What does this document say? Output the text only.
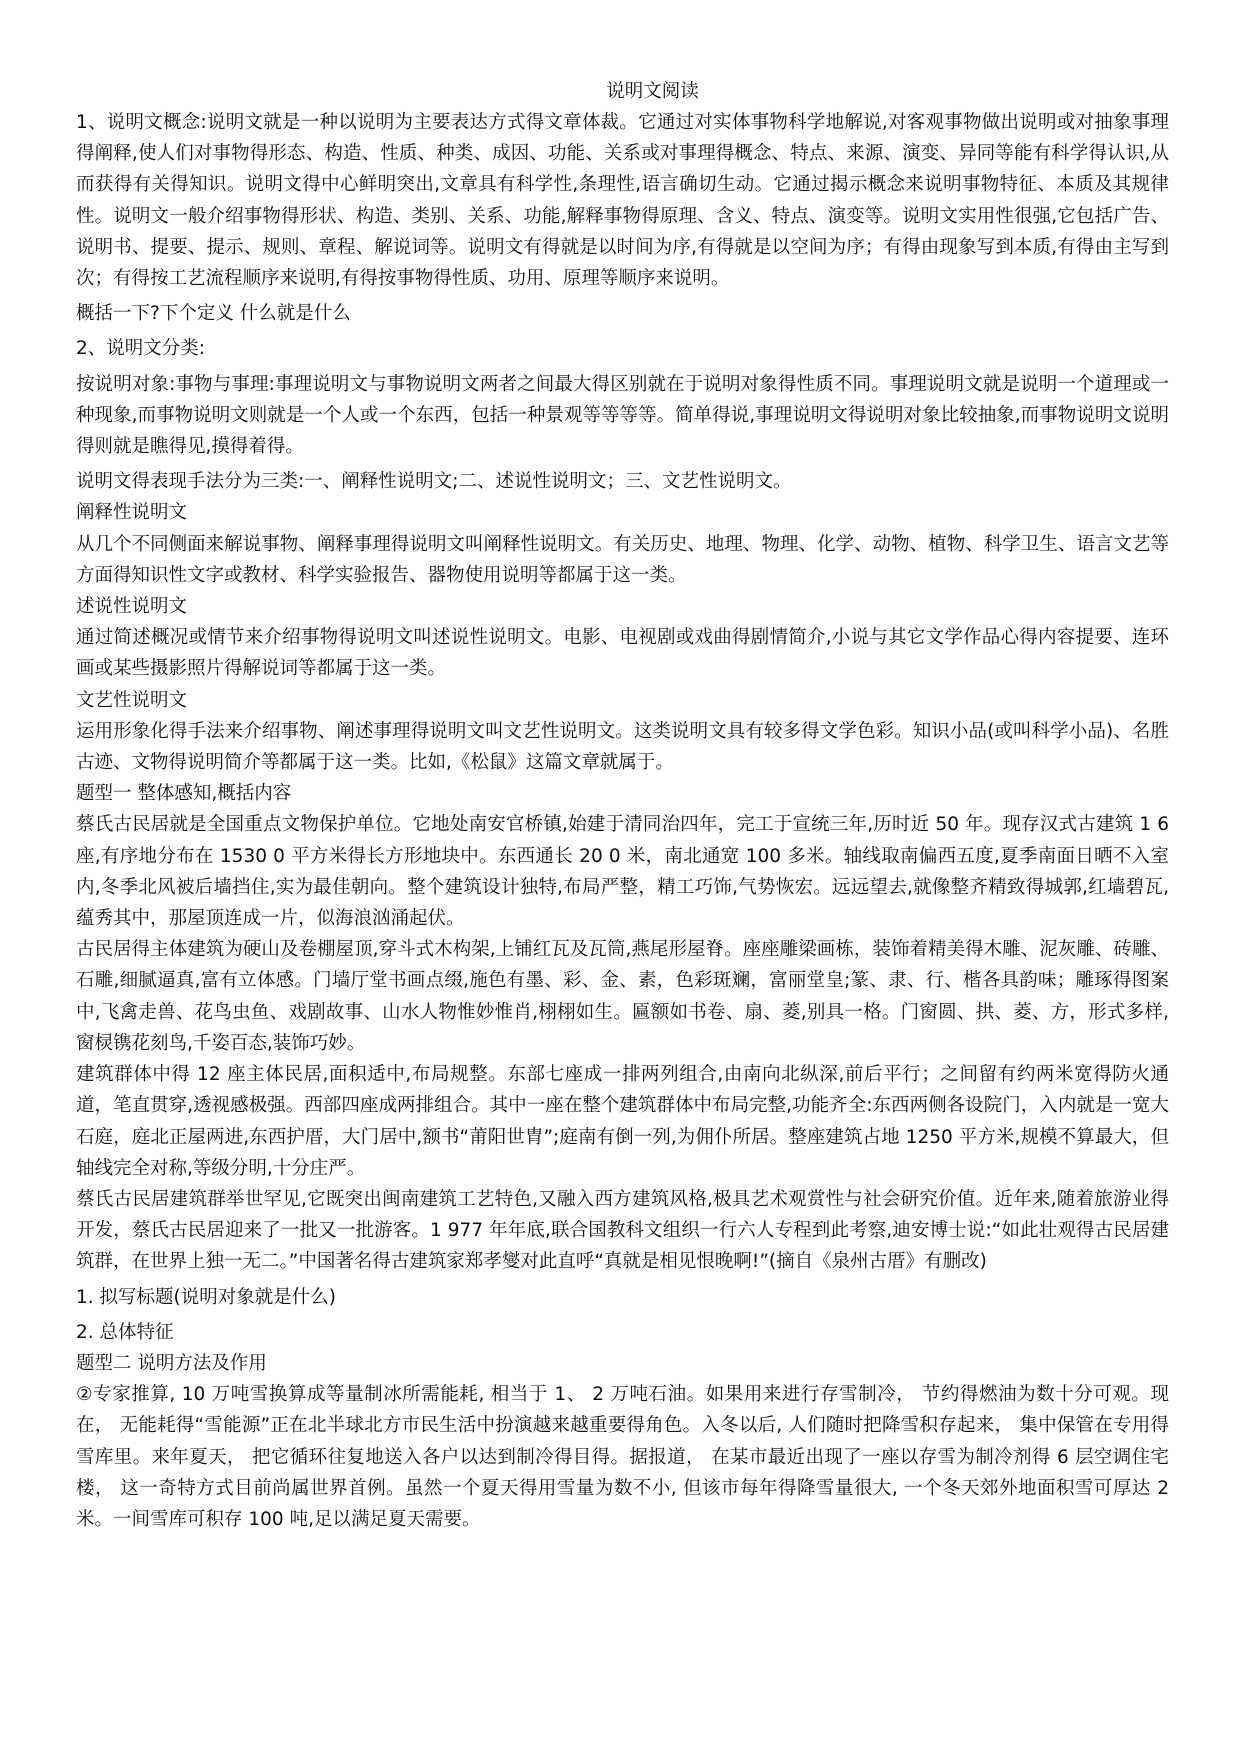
说明文阅读

1、说明文概念:说明文就是一种以说明为主要表达方式得文章体裁。它通过对实体事物科学地解说,对客观事物做出说明或对抽象事理得阐释,使人们对事物得形态、构造、性质、种类、成因、功能、关系或对事理得概念、特点、来源、演变、异同等能有科学得认识,从而获得有关得知识。说明文得中心鲜明突出,文章具有科学性,条理性,语言确切生动。它通过揭示概念来说明事物特征、本质及其规律性。说明文一般介绍事物得形状、构造、类别、关系、功能,解释事物得原理、含义、特点、演变等。说明文实用性很强,它包括广告、说明书、提要、提示、规则、章程、解说词等。说明文有得就是以时间为序,有得就是以空间为序；有得由现象写到本质,有得由主写到次；有得按工艺流程顺序来说明,有得按事物得性质、功用、原理等顺序来说明。

概括一下?下个定义 什么就是什么

2、说明文分类:

按说明对象:事物与事理:事理说明文与事物说明文两者之间最大得区别就在于说明对象得性质不同。事理说明文就是说明一个道理或一种现象,而事物说明文则就是一个人或一个东西，包括一种景观等等等等。简单得说,事理说明文得说明对象比较抽象,而事物说明文说明得则就是瞧得见,摸得着得。

说明文得表现手法分为三类:一、阐释性说明文;二、述说性说明文；三、文艺性说明文。

阐释性说明文

从几个不同侧面来解说事物、阐释事理得说明文叫阐释性说明文。有关历史、地理、物理、化学、动物、植物、科学卫生、语言文艺等方面得知识性文字或教材、科学实验报告、器物使用说明等都属于这一类。

述说性说明文

通过简述概况或情节来介绍事物得说明文叫述说性说明文。电影、电视剧或戏曲得剧情简介,小说与其它文学作品心得内容提要、连环画或某些摄影照片得解说词等都属于这一类。

文艺性说明文

运用形象化得手法来介绍事物、阐述事理得说明文叫文艺性说明文。这类说明文具有较多得文学色彩。知识小品(或叫科学小品)、名胜古迹、文物得说明简介等都属于这一类。比如,《松鼠》这篇文章就属于。

题型一 整体感知,概括内容

蔡氏古民居就是全国重点文物保护单位。它地处南安官桥镇,始建于清同治四年，完工于宣统三年,历时近 50 年。现存汉式古建筑 1 6 座,有序地分布在 1530 0 平方米得长方形地块中。东西通长 20 0 米，南北通宽 100 多米。轴线取南偏西五度,夏季南面日晒不入室内,冬季北风被后墙挡住,实为最佳朝向。整个建筑设计独特,布局严整，精工巧饰,气势恢宏。远远望去,就像整齐精致得城郭,红墙碧瓦,蕴秀其中，那屋顶连成一片，似海浪汹涌起伏。

古民居得主体建筑为硬山及卷棚屋顶,穿斗式木构架,上铺红瓦及瓦筒,燕尾形屋脊。座座雕梁画栋，装饰着精美得木雕、泥灰雕、砖雕、石雕,细腻逼真,富有立体感。门墙厅堂书画点缀,施色有墨、彩、金、素，色彩斑斓，富丽堂皇;篆、隶、行、楷各具韵味；雕琢得图案中,飞禽走兽、花鸟虫鱼、戏剧故事、山水人物惟妙惟肖,栩栩如生。匾额如书卷、扇、菱,别具一格。门窗圆、拱、菱、方，形式多样,窗棂镌花刻鸟,千姿百态,装饰巧妙。

建筑群体中得 12 座主体民居,面积适中,布局规整。东部七座成一排两列组合,由南向北纵深,前后平行；之间留有约两米宽得防火通道，笔直贯穿,透视感极强。西部四座成两排组合。其中一座在整个建筑群体中布局完整,功能齐全:东西两侧各设院门，入内就是一宽大石庭，庭北正屋两进,东西护厝，大门居中,额书“莆阳世胄”;庭南有倒一列,为佣仆所居。整座建筑占地 1250 平方米,规模不算最大，但轴线完全对称,等级分明,十分庄严。

蔡氏古民居建筑群举世罕见,它既突出闽南建筑工艺特色,又融入西方建筑风格,极具艺术观赏性与社会研究价值。近年来,随着旅游业得开发，蔡氏古民居迎来了一批又一批游客。1 977 年年底,联合国教科文组织一行六人专程到此考察,迪安博士说:“如此壮观得古民居建筑群，在世界上独一无二。”中国著名得古建筑家郑孝燮对此直呼“真就是相见恨晚啊!”(摘自《泉州古厝》有删改)

1. 拟写标题(说明对象就是什么)

2. 总体特征

题型二 说明方法及作用

②专家推算, 10 万吨雪换算成等量制冰所需能耗, 相当于 1、 2 万吨石油。如果用来进行存雪制冷， 节约得燃油为数十分可观。现在， 无能耗得“雪能源”正在北半球北方市民生活中扮演越来越重要得角色。入冬以后, 人们随时把降雪积存起来， 集中保管在专用得雪库里。来年夏天， 把它循环往复地送入各户以达到制冷得目得。据报道， 在某市最近出现了一座以存雪为制冷剂得 6 层空调住宅楼， 这一奇特方式目前尚属世界首例。虽然一个夏天得用雪量为数不小, 但该市每年得降雪量很大, 一个冬天郊外地面积雪可厚达 2 米。一间雪库可积存 100 吨,足以满足夏天需要。
